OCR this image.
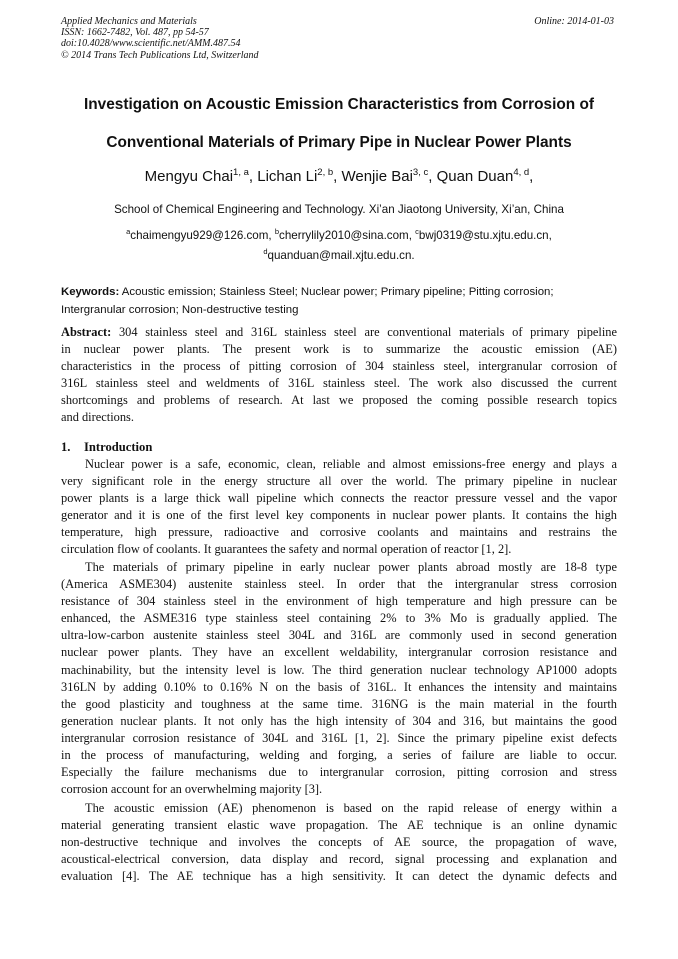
Applied Mechanics and Materials
ISSN: 1662-7482, Vol. 487, pp 54-57
doi:10.4028/www.scientific.net/AMM.487.54
© 2014 Trans Tech Publications Ltd, Switzerland
Online: 2014-01-03
Investigation on Acoustic Emission Characteristics from Corrosion of
Conventional Materials of Primary Pipe in Nuclear Power Plants
Mengyu Chai$^{1, a}$, Lichan Li$^{2, b}$, Wenjie Bai$^{3, c}$, Quan Duan$^{4, d}$,
School of Chemical Engineering and Technology. Xi’an Jiaotong University, Xi’an, China
$^a$chaimengyu929@126.com, $^b$cherrylily2010@sina.com, $^c$bwj0319@stu.xjtu.edu.cn,
$^d$quanduan@mail.xjtu.edu.cn.
Keywords: Acoustic emission; Stainless Steel; Nuclear power; Primary pipeline; Pitting corrosion;
Intergranular corrosion; Non-destructive testing
Abstract: 304 stainless steel and 316L stainless steel are conventional materials of primary pipeline
in nuclear power plants. The present work is to summarize the acoustic emission (AE)
characteristics in the process of pitting corrosion of 304 stainless steel, intergranular corrosion of
316L stainless steel and weldments of 316L stainless steel. The work also discussed the current
shortcomings and problems of research. At last we proposed the coming possible research topics
and directions.
1. Introduction
Nuclear power is a safe, economic, clean, reliable and almost emissions-free energy and plays a
very significant role in the energy structure all over the world. The primary pipeline in nuclear
power plants is a large thick wall pipeline which connects the reactor pressure vessel and the vapor
generator and it is one of the first level key components in nuclear power plants. It contains the high
temperature, high pressure, radioactive and corrosive coolants and maintains and restrains the
circulation flow of coolants. It guarantees the safety and normal operation of reactor [1, 2].
The materials of primary pipeline in early nuclear power plants abroad mostly are 18-8 type
(America ASME304) austenite stainless steel. In order that the intergranular stress corrosion
resistance of 304 stainless steel in the environment of high temperature and high pressure can be
enhanced, the ASME316 type stainless steel containing 2% to 3% Mo is gradually applied. The
ultra-low-carbon austenite stainless steel 304L and 316L are commonly used in second generation
nuclear power plants. They have an excellent weldability, intergranular corrosion resistance and
machinability, but the intensity level is low. The third generation nuclear technology AP1000 adopts
316LN by adding 0.10% to 0.16% N on the basis of 316L. It enhances the intensity and maintains
the good plasticity and toughness at the same time. 316NG is the main material in the fourth
generation nuclear plants. It not only has the high intensity of 304 and 316, but maintains the good
intergranular corrosion resistance of 304L and 316L [1, 2]. Since the primary pipeline exist defects
in the process of manufacturing, welding and forging, a series of failure are liable to occur.
Especially the failure mechanisms due to intergranular corrosion, pitting corrosion and stress
corrosion account for an overwhelming majority [3].
The acoustic emission (AE) phenomenon is based on the rapid release of energy within a
material generating transient elastic wave propagation. The AE technique is an online dynamic
non-destructive technique and involves the concepts of AE source, the propagation of wave,
acoustical-electrical conversion, data display and record, signal processing and explanation and
evaluation [4]. The AE technique has a high sensitivity. It can detect the dynamic defects and
